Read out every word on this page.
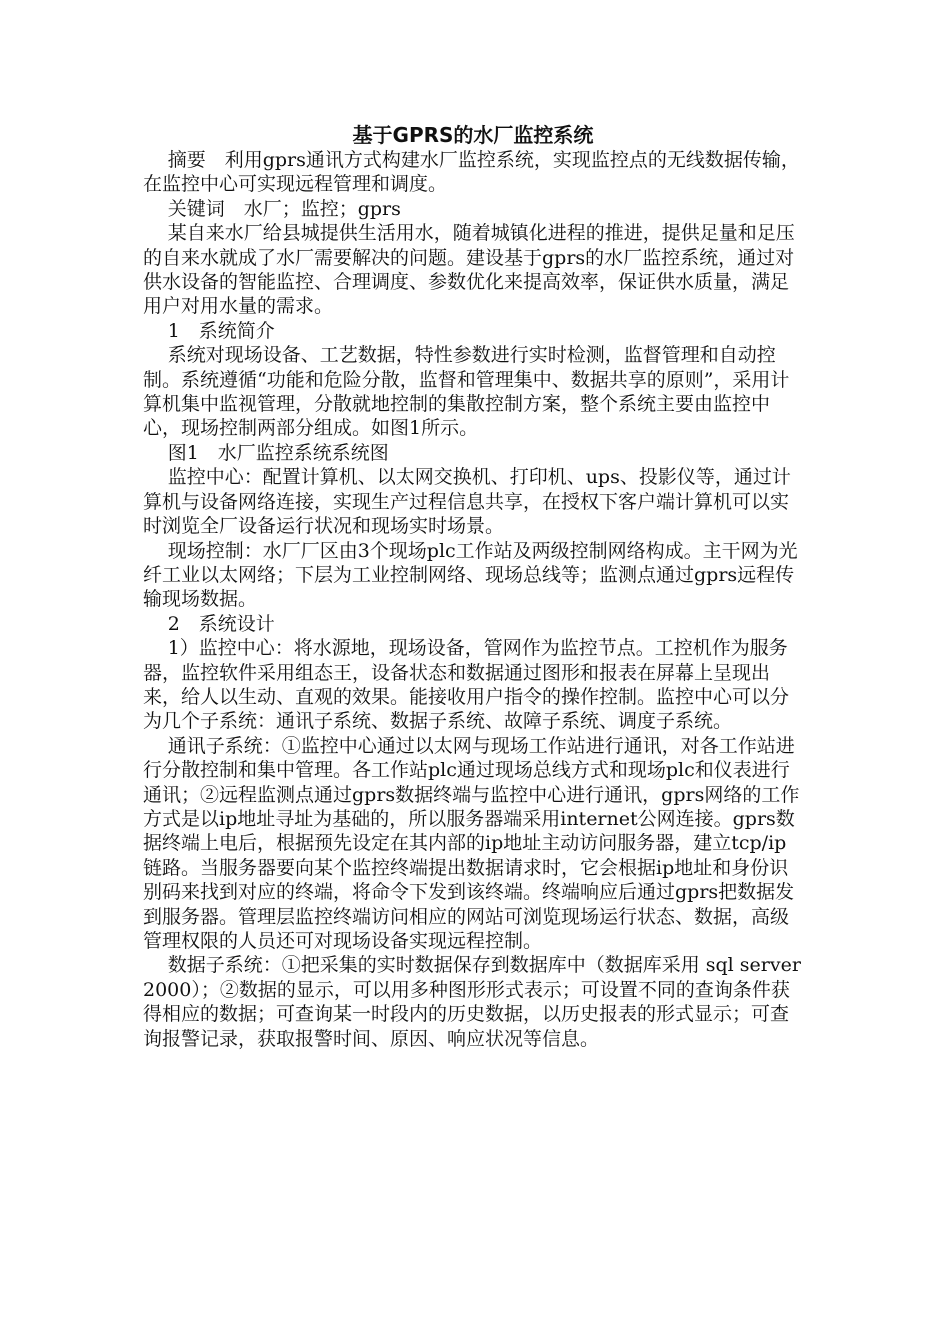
基于GPRS的水厂监控系统

摘要　利用gprs通讯方式构建水厂监控系统，实现监控点的无线数据传输，在监控中心可实现远程管理和调度。

关键词　水厂；监控；gprs

某自来水厂给县城提供生活用水，随着城镇化进程的推进，提供足量和足压的自来水就成了水厂需要解决的问题。建设基于gprs的水厂监控系统，通过对供水设备的智能监控、合理调度、参数优化来提高效率，保证供水质量，满足用户对用水量的需求。

1　系统简介

系统对现场设备、工艺数据，特性参数进行实时检测，监督管理和自动控制。系统遵循“功能和危险分散，监督和管理集中、数据共享的原则”，采用计算机集中监视管理，分散就地控制的集散控制方案，整个系统主要由监控中心，现场控制两部分组成。如图1所示。

图1　水厂监控系统系统图

监控中心：配置计算机、以太网交换机、打印机、ups、投影仪等，通过计算机与设备网络连接，实现生产过程信息共享，在授权下客户端计算机可以实时浏览全厂设备运行状况和现场实时场景。

现场控制：水厂厂区由3个现场plc工作站及两级控制网络构成。主干网为光纤工业以太网络；下层为工业控制网络、现场总线等；监测点通过gprs远程传输现场数据。

2　系统设计

1）监控中心：将水源地，现场设备，管网作为监控节点。工控机作为服务器，监控软件采用组态王，设备状态和数据通过图形和报表在屏幕上呈现出来，给人以生动、直观的效果。能接收用户指令的操作控制。监控中心可以分为几个子系统：通讯子系统、数据子系统、故障子系统、调度子系统。

通讯子系统：①监控中心通过以太网与现场工作站进行通讯，对各工作站进行分散控制和集中管理。各工作站plc通过现场总线方式和现场plc和仪表进行通讯；②远程监测点通过gprs数据终端与监控中心进行通讯，gprs网络的工作方式是以ip地址寻址为基础的，所以服务器端采用internet公网连接。gprs数据终端上电后，根据预先设定在其内部的ip地址主动访问服务器，建立tcp/ip链路。当服务器要向某个监控终端提出数据请求时，它会根据ip地址和身份识别码来找到对应的终端，将命令下发到该终端。终端响应后通过gprs把数据发到服务器。管理层监控终端访问相应的网站可浏览现场运行状态、数据，高级管理权限的人员还可对现场设备实现远程控制。

数据子系统：①把采集的实时数据保存到数据库中（数据库采用 sql server2000）；②数据的显示，可以用多种图形形式表示；可设置不同的查询条件获得相应的数据；可查询某一时段内的历史数据，以历史报表的形式显示；可查询报警记录，获取报警时间、原因、响应状况等信息。
